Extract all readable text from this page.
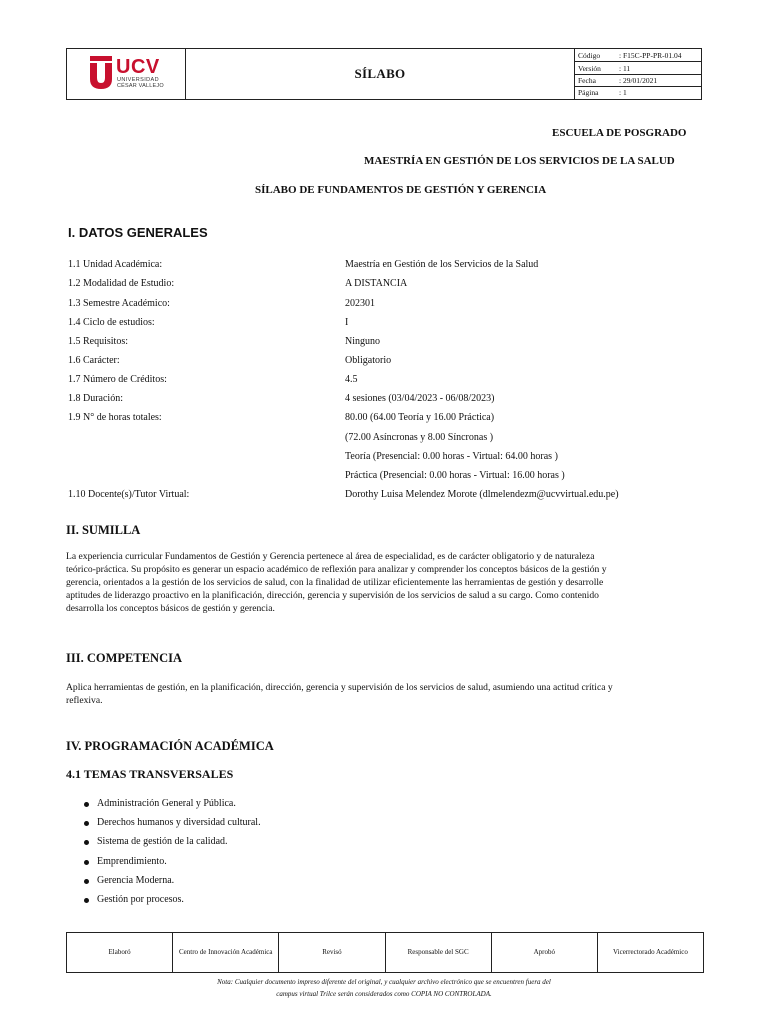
UCV
UNIVERSIDAD
CÉSAR VALLEJO
SÍLABO
Código	: F15C-PP-PR-01.04
Versión : 11
Fecha	: 29/01/2021
Página	: 1
ESCUELA DE POSGRADO
MAESTRÍA EN GESTIÓN DE LOS SERVICIOS DE LA SALUD
SÍLABO DE FUNDAMENTOS DE GESTIÓN Y GERENCIA
I. DATOS GENERALES
1.1 Unidad Académica:	Maestría en Gestión de los Servicios de la Salud
1.2 Modalidad de Estudio:	A DISTANCIA
1.3 Semestre Académico:	202301
1.4 Ciclo de estudios:	I
1.5 Requisitos:	Ninguno
1.6 Carácter:	Obligatorio
1.7 Número de Créditos:	4.5
1.8 Duración:	4 sesiones (03/04/2023 - 06/08/2023)
1.9 N° de horas totales:	80.00 (64.00 Teoría y 16.00 Práctica)
(72.00 Asíncronas y 8.00 Síncronas )
Teoría (Presencial: 0.00 horas - Virtual: 64.00 horas )
Práctica (Presencial: 0.00 horas - Virtual: 16.00 horas )
1.10 Docente(s)/Tutor Virtual:	Dorothy Luisa Melendez Morote (dlmelendezm@ucvvirtual.edu.pe)
II. SUMILLA
La experiencia curricular Fundamentos de Gestión y Gerencia pertenece al área de especialidad, es de carácter obligatorio y de naturaleza
teórico-práctica. Su propósito es generar un espacio académico de reflexión para analizar y comprender los conceptos básicos de la gestión y
gerencia, orientados a la gestión de los servicios de salud, con la finalidad de utilizar eficientemente las herramientas de gestión y desarrolle
aptitudes de liderazgo proactivo en la planificación, dirección, gerencia y supervisión de los servicios de salud a su cargo. Como contenido
desarrolla los conceptos básicos de gestión y gerencia.
III. COMPETENCIA
Aplica herramientas de gestión, en la planificación, dirección, gerencia y supervisión de los servicios de salud, asumiendo una actitud crítica y
reflexiva.
IV. PROGRAMACIÓN ACADÉMICA
4.1 TEMAS TRANSVERSALES
Administración General y Pública.
Derechos humanos y diversidad cultural.
Sistema de gestión de la calidad.
Emprendimiento.
Gerencia Moderna.
Gestión por procesos.
Elaboró	Centro de Innovación Académica	Revisó	Responsable del SGC	Aprobó	Vicerrectorado Académico
Nota: Cualquier documento impreso diferente del original, y cualquier archivo electrónico que se encuentren fuera del
campus virtual Trilce serán considerados como COPIA NO CONTROLADA.
